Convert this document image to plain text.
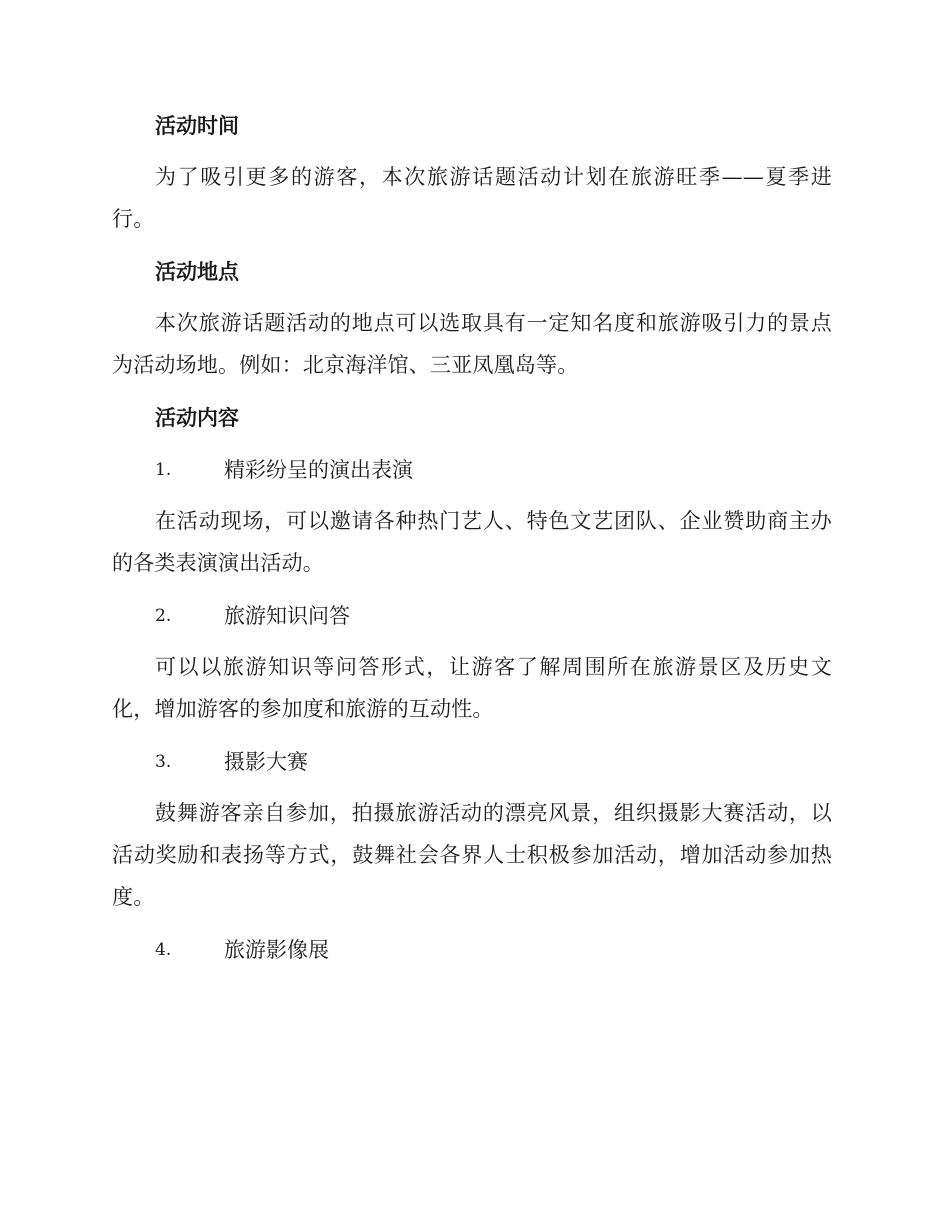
活动时间

为了吸引更多的游客，本次旅游话题活动计划在旅游旺季——夏季进行。

活动地点

本次旅游话题活动的地点可以选取具有一定知名度和旅游吸引力的景点为活动场地。例如：北京海洋馆、三亚凤凰岛等。

活动内容
1.	精彩纷呈的演出表演

在活动现场，可以邀请各种热门艺人、特色文艺团队、企业赞助商主办的各类表演演出活动。

2.	旅游知识问答

可以以旅游知识等问答形式，让游客了解周围所在旅游景区及历史文化，增加游客的参加度和旅游的互动性。

3.	摄影大赛

鼓舞游客亲自参加，拍摄旅游活动的漂亮风景，组织摄影大赛活动，以活动奖励和表扬等方式，鼓舞社会各界人士积极参加活动，增加活动参加热度。

4.	旅游影像展
